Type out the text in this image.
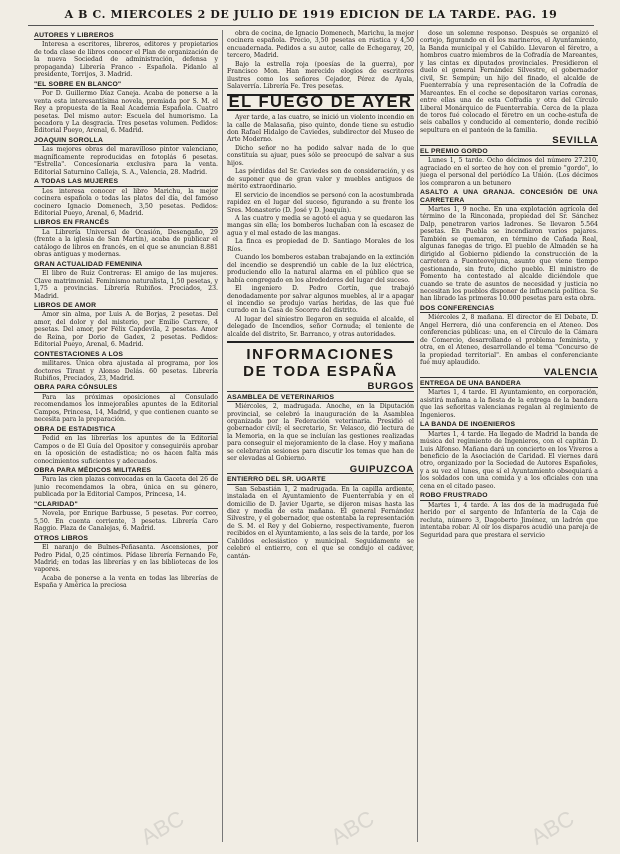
A B C. MIERCOLES 2 DE JULIO DE 1919 EDICION DE LA TARDE. PAG. 19
AUTORES Y LIBREROS

Interesa a escritores, libreros, editores y propietarios de toda clase de libros conocer el Plan de organización de la nueva Sociedad de administración, defensa y propaganda) Librería Franco - Española. Pídanlo al presidente, Torrijos, 3. Madrid.

"EL SOBRE EN BLANCO"

Por D. Guillermo Díaz Caneja. Acaba de ponerse a la venta esta interesantísima novela, premiada por S. M. el Rey a propuesta de la Real Academia Española. Cuatro pesetas. Del mismo autor: Escuela del humorismo. La pecadora y La desgracia. Tres pesetas volumen. Pedidos: Editorial Pueyo, Arenal, 6. Madrid.

JOAQUIN SOROLLA

Las mejores obras del maravilloso pintor valenciano, magníficamente reproducidas en fotoplás 6 pesetas. "Estrella". Concesionaria exclusiva para la venta. Editorial Saturnino Calleja, S. A., Valencia, 28. Madrid.

A TODAS LAS MUJERES

Les interesa conocer el libro Marichu, la mejor cocinera española o todas las platos del día, del famoso cocinero Ignacio Domenech, 3,50 pesetas. Pedidos: Editorial Pueyo, Arenal, 6, Madrid.

LIBROS EN FRANCÉS

La Librería Universal de Ocasión, Desengaño, 29 (frente a la iglesia de San Martín), acaba de publicar el catálogo de libros en francés, en el que se anuncian 8.881 obras antiguas y modernas.

GRAN ACTUALIDAD FEMENINA

El libro de Ruiz Contreras: El amigo de las mujeres. Clave matrimonial. Feminismo naturalista, 1,50 pesetas, y 1,75 a provincias. Librería Rubiños. Preciados, 23. Madrid.

LIBROS DE AMOR

Amor sin alma, por Luis A. de Borjas, 2 pesetas. Del amor, del dolor y del misterio, por Emilio Carrere, 4 pesetas. Del amor, por Félix Capdevila, 2 pesetas. Amor de Reina, por Dorio de Gadex, 2 pesetas. Pedidos: Editorial Pueyo, Arenal, 6. Madrid.

CONTESTACIONES A LOS

militares. Única obra ajustada al programa, por los doctores Tirant y Alonso Delás. 60 pesetas. Librería Rubiños, Preciados, 23, Madrid.

OBRA PARA CÓNSULES

Para las próximas oposiciones al Consulado recomendamos los inmejorables apuntes de la Editorial Campos, Princesa, 14, Madrid, y que contienen cuanto se necesita para la preparación.

OBRA DE ESTADISTICA

Pedid en las librerías los apuntes de la Editorial Campos o de El Guía del Opositor y conseguiréis aprobar en la oposición de estadística; no os hacen falta más conocimientos suficientes y adecuados.

OBRA PARA MÉDICOS MILITARES

Para las cien plazas convocadas en la Gaceta del 26 de junio recomendamos la obra, única en su género, publicada por la Editorial Campos, Princesa, 14.

"CLARIDAD"

Novela, por Enrique Barbusse, 5 pesetas. Por correo, 5,50. En cuenta corriente, 3 pesetas. Librería Caro Raggio. Plaza de Canalejas, 6. Madrid.

OTROS LIBROS

El naranjo de Bulnes-Peñasanta. Ascensiones, por Pedro Pidal, 0,25 céntimos. Pídase librería Fernando Fe, Madrid; en todas las librerías y en las bibliotecas de los vapores.

Acaba de ponerse a la venta en todas las librerías de España y América la preciosa

obra de cocina, de Ignacio Domenech, Marichu, la mejor cocinera española. Precio, 3,50 pesetas en rústica y 4,50 encuadernada. Pedidos a su autor, calle de Echegaray, 20, tercero, Madrid.

Bajo la estrella roja (poesías de la guerra), por Francisco Mon. Han merecido elogios de escritores ilustres como los señores Cejador, Pérez de Ayala, Salaverría. Librería Fe. Tres pesetas.

EL FUEGO DE AYER

Ayer tarde, a las cuatro, se inició un violento incendio en la calle de Malasaña, piso quinto, donde tiene su estudio don Rafael Hidalgo de Caviedes, subdirector del Museo de Arte Moderno.

Dicho señor no ha podido salvar nada de lo que constituía su ajuar, pues sólo se preocupó de salvar a sus hijos.

Las pérdidas del Sr. Caviedes son de consideración, y es de suponer que de gran valor y muebles antiguos de mérito extraordinario.

El servicio de incendios se personó con la acostumbrada rapidez en el lugar del suceso, figurando a su frente los Sres. Monasterio (D. José y D. Joaquín).

A las cuatro y media se agotó el agua y se quedaron las mangas sin ella; los bomberos luchaban con la escasez de agua y el mal estado de las mangas.

La finca es propiedad de D. Santiago Morales de los Ríos.

Cuando los bomberos estaban trabajando en la extinción del incendio se desprendió un cable de la luz eléctrica, produciendo ello la natural alarma en el público que se había congregado en los alrededores del lugar del suceso.

El ingeniero D. Pedro Cortín, que trabajó denodadamente por salvar algunos muebles, al ir a apagar el incendio se produjo varias heridas, de las que fué curado en la Casa de Socorro del distrito.

Al lugar del siniestro llegaron en seguida el alcalde, el delegado de Incendios, señor Cornuda; el teniente de alcalde del distrito, Sr. Barranco, y otras autoridades.

INFORMACIONES
DE TODA ESPAÑA
BURGOS
ASAMBLEA DE VETERINARIOS

Miércoles, 2, madrugada. Anoche, en la Diputación provincial, se celebró la inauguración de la Asamblea organizada por la Federación veterinaria. Presidió el gobernador civil; el secretario, Sr. Velasco, dió lectura de la Memoria, en la que se incluían las gestiones realizadas para conseguir el mejoramiento de la clase. Hoy y mañana se celebrarán sesiones para discutir los temas que han de ser elevadas al Gobierno.

GUIPUZCOA
ENTIERRO DEL SR. UGARTE

San Sebastián 1, 2 madrugada. En la capilla ardiente, instalada en el Ayuntamiento de Fuenterrabía y en el domicilio de D. Javier Ugarte, se dijeron misas hasta las diez y media de esta mañana. El general Fernández Silvestre, y el gobernador, que ostentaba la representación de S. M. el Rey y del Gobierno, respectivamente, fueron recibidos en el Ayuntamiento, a las seis de la tarde, por los Cabildos eclesiástico y municipal. Seguidamente se celebró el entierro, con el que se condujo el cadáver, cantán-

dose un solemne responso. Después se organizó el cortejo, figurando en él los marineros, el Ayuntamiento, la Banda municipal y el Cabildo. Llevaron el féretro, a hombros cuatro miembros de la Cofradía de Mareantes, y las cintas ex diputados provinciales. Presidieron el duelo el general Fernández Silvestre, el gobernador civil, Sr. Sempún; un hijo del finado, el alcalde de Fuenterrabía y una representación de la Cofradía de Mareantes. En el coche se depositaron varias coronas, entre ellas una de esta Cofradía y otra del Círculo Liberal Monárquico de Fuenterrabía. Cerca de la plaza de toros fué colocado el féretro en un coche-estufa de seis caballos y conducido al cementerio, donde recibió sepultura en el panteón de la familia.

SEVILLA
EL PREMIO GORDO

Lunes 1, 5 tarde. Ocho décimos del número 27.210, agraciado en el sorteo de hoy con el premio "gordo", lo juega el personal del periódico La Unión. (Los décimos los compraron a un betunero

ASALTO A UNA GRANJA. CONCESIÓN DE UNA CARRETERA

Martes 1, 9 noche. En una explotación agrícola del término de la Rinconada, propiedad del Sr. Sánchez Dalp, penetraron varios ladrones. Se llevaron 5.564 pesetas. En Puebla se incendiaron varios pajares. También se quemaron, en término de Cañada Real, algunas fanegas de trigo. El pueblo de Almadén se ha dirigido al Gobierno pidiendo la construcción de la carretera a Fuenteovejuna, asunto que viene tiempo gestionando, sin fruto, dicho pueblo. El ministro de Fomento ha contestado al alcalde diciéndole que cuando se trate de asuntos de necesidad y justicia no necesitan los pueblos disponer de influencia política. Se han librado las primeras 10.000 pesetas para esta obra.

DOS CONFERENCIAS

Miércoles 2, 8 mañana. El director de El Debate, D. Angel Herrera, dió una conferencia en el Ateneo. Dos conferencias públicas: una, en el Círculo de la Cámara de Comercio, desarrollando el problema feminista, y otra, en el Ateneo, desarrollando el tema "Concurso de la propiedad territorial". En ambas el conferenciante fué muy aplaudido.

VALENCIA
ENTREGA DE UNA BANDERA

Martes 1, 4 tarde. El Ayuntamiento, en corporación, asistirá mañana a la fiesta de la entrega de la bandera que las señoritas valencianas regalan al regimiento de Ingenieros.

LA BANDA DE INGENIEROS

Martes 1, 4 tarde. Ha llegado de Madrid la banda de música del regimiento de Ingenieros, con el capitán D. Luis Alfonso. Mañana dará un concierto en los Viveros a beneficio de la Asociación de Caridad. El viernes dará otro, organizado por la Sociedad de Autores Españoles, y a su vez el lunes, que sí el Ayuntamiento obsequiará a los soldados con una comida y a los oficiales con una cena en el citado paseo.

ROBO FRUSTRADO

Martes 1, 4 tarde. A las dos de la madrugada fué herido por el sargento de Infantería de la Caja de recluta, número 3, Dagoberto Jiménez, un ladrón que intentaba robar. Al oír los disparos acudió una pareja de Seguridad para que prestara el servicio

ABC	ABC	ABC
